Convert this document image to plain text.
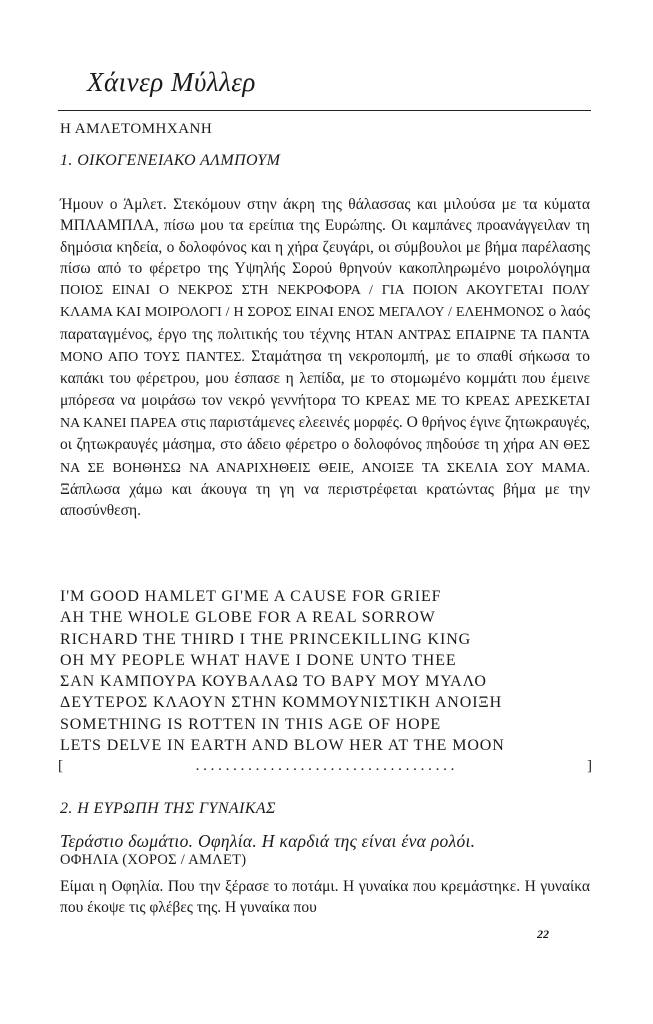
Χάινερ Μύλλερ
Η ΑΜΛΕΤΟΜΗΧΑΝΗ
1. ΟΙΚΟΓΕΝΕΙΑΚΟ ΑΛΜΠΟΥΜ
Ήμουν ο Άμλετ. Στεκόμουν στην άκρη της θάλασσας και μιλούσα με τα κύματα ΜΠΛΑΜΠΛΑ, πίσω μου τα ερείπια της Ευρώπης. Οι καμπάνες προανάγγειλαν τη δημόσια κηδεία, ο δολοφόνος και η χήρα ζευγάρι, οι σύμβουλοι με βήμα παρέλασης πίσω από το φέρετρο της Υψηλής Σορού θρηνούν κακοπληρωμένο μοιρολόγημα ΠΟΙΟΣ ΕΙΝΑΙ Ο ΝΕΚΡΟΣ ΣΤΗ ΝΕΚΡΟΦΟΡΑ / ΓΙΑ ΠΟΙΟΝ ΑΚΟΥΓΕΤΑΙ ΠΟΛΥ ΚΛΑΜΑ ΚΑΙ ΜΟΙΡΟΛΟΓΙ / Η ΣΟΡΟΣ ΕΙΝΑΙ ΕΝΟΣ ΜΕΓΑΛΟΥ / ΕΛΕΗΜΟΝΟΣ ο λαός παραταγμένος, έργο της πολιτικής του τέχνης ΗΤΑΝ ΑΝΤΡΑΣ ΕΠΑΙΡΝΕ ΤΑ ΠΑΝΤΑ ΜΟΝΟ ΑΠΟ ΤΟΥΣ ΠΑΝΤΕΣ. Σταμάτησα τη νεκροπομπή, με το σπαθί σήκωσα το καπάκι του φέρετρου, μου έσπασε η λεπίδα, με το στομωμένο κομμάτι που έμεινε μπόρεσα να μοιράσω τον νεκρό γεννήτορα ΤΟ ΚΡΕΑΣ ΜΕ ΤΟ ΚΡΕΑΣ ΑΡΕΣΚΕΤΑΙ ΝΑ ΚΑΝΕΙ ΠΑΡΕΑ στις παριστάμενες ελεεινές μορφές. Ο θρήνος έγινε ζητωκραυγές, οι ζητωκραυγές μάσημα, στο άδειο φέρετρο ο δολοφόνος πηδούσε τη χήρα ΑΝ ΘΕΣ ΝΑ ΣΕ ΒΟΗΘΗΣΩ ΝΑ ΑΝΑΡΙΧΗΘΕΙΣ ΘΕΙΕ, ΑΝΟΙΞΕ ΤΑ ΣΚΕΛΙΑ ΣΟΥ ΜΑΜΑ. Ξάπλωσα χάμω και άκουγα τη γη να περιστρέφεται κρατώντας βήμα με την αποσύνθεση.
I'M GOOD HAMLET GI'ME A CAUSE FOR GRIEF
AH THE WHOLE GLOBE FOR A REAL SORROW
RICHARD THE THIRD I THE PRINCEKILLING KING
OH MY PEOPLE WHAT HAVE I DONE UNTO THEE
ΣΑΝ ΚΑΜΠΟΥΡΑ ΚΟΥΒΑΛΑΩ ΤΟ ΒΑΡΥ ΜΟΥ ΜΥΑΛΟ
ΔΕΥΤΕΡΟΣ ΚΛΑΟΥΝ ΣΤΗΝ ΚΟΜΜΟΥΝΙΣΤΙΚΗ ΑΝΟΙΞΗ
SOMETHING IS ROTTEN IN THIS AGE OF HOPE
LETS DELVE IN EARTH AND BLOW HER AT THE MOON
[	. . . . . . . . . . . . . . . . . . . . . . . . . . . . . . . . . . .	]
2. Η ΕΥΡΩΠΗ ΤΗΣ ΓΥΝΑΙΚΑΣ
Τεράστιο δωμάτιο. Οφηλία. Η καρδιά της είναι ένα ρολόι.
ΟΦΗΛΙΑ (ΧΟΡΟΣ / ΑΜΛΕΤ)
Είμαι η Οφηλία. Που την ξέρασε το ποτάμι. Η γυναίκα που κρεμάστηκε. Η γυναίκα που έκοψε τις φλέβες της. Η γυναίκα που
22
